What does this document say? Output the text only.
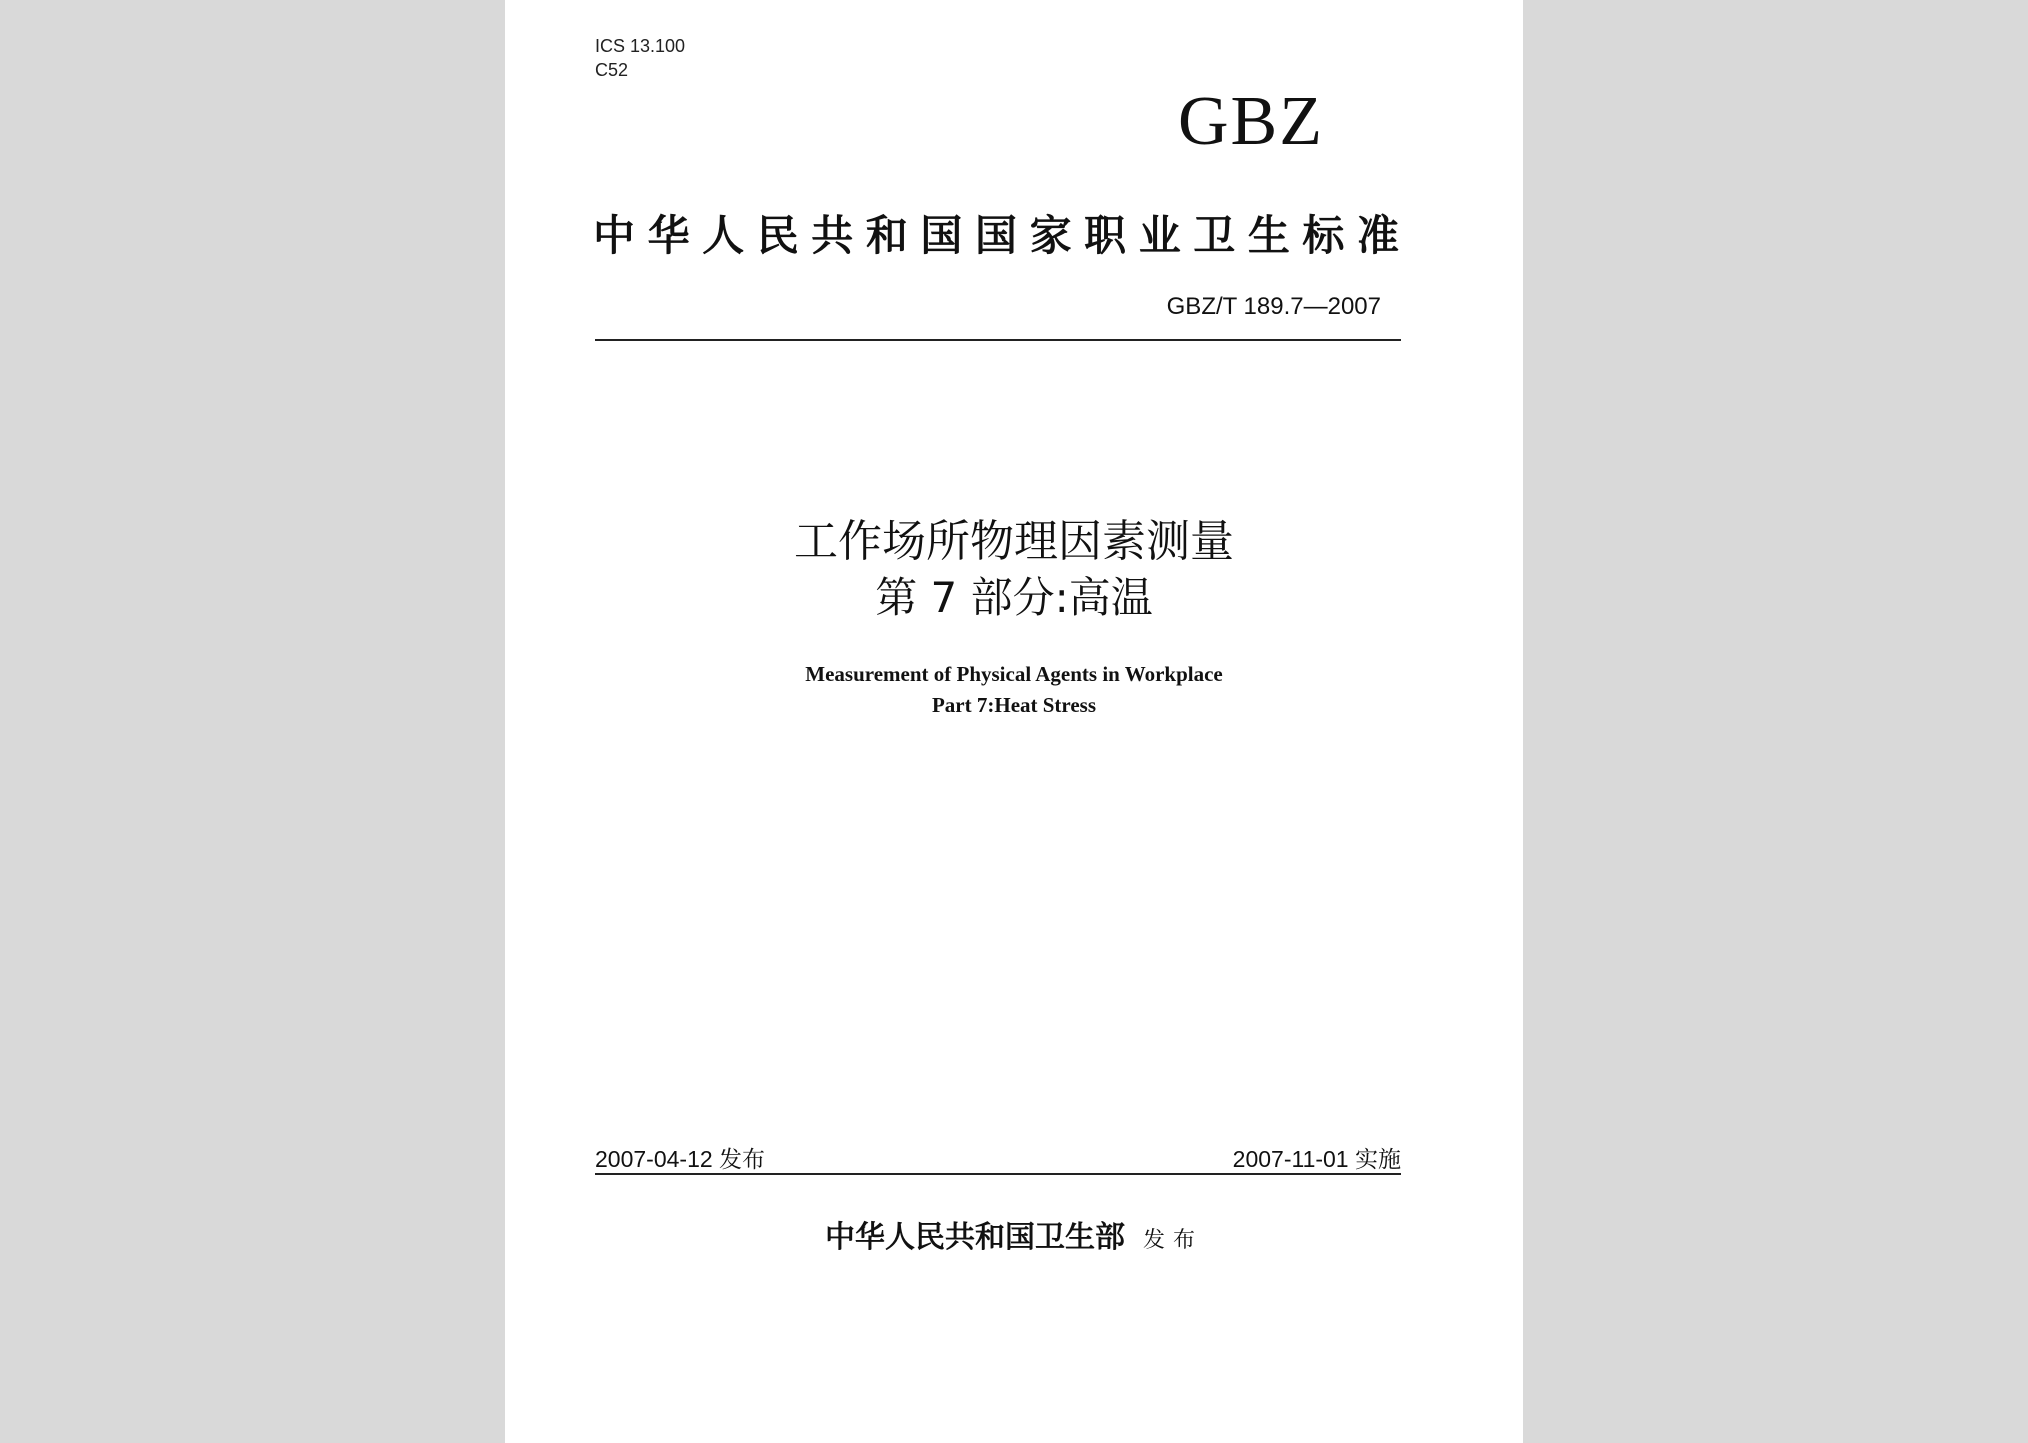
ICS 13.100
C52
GBZ
中华人民共和国国家职业卫生标准
GBZ/T 189.7—2007
工作场所物理因素测量
第 7 部分:高温
Measurement of Physical Agents in Workplace
Part 7:Heat Stress
2007-04-12 发布	2007-11-01 实施
中华人民共和国卫生部 发布
